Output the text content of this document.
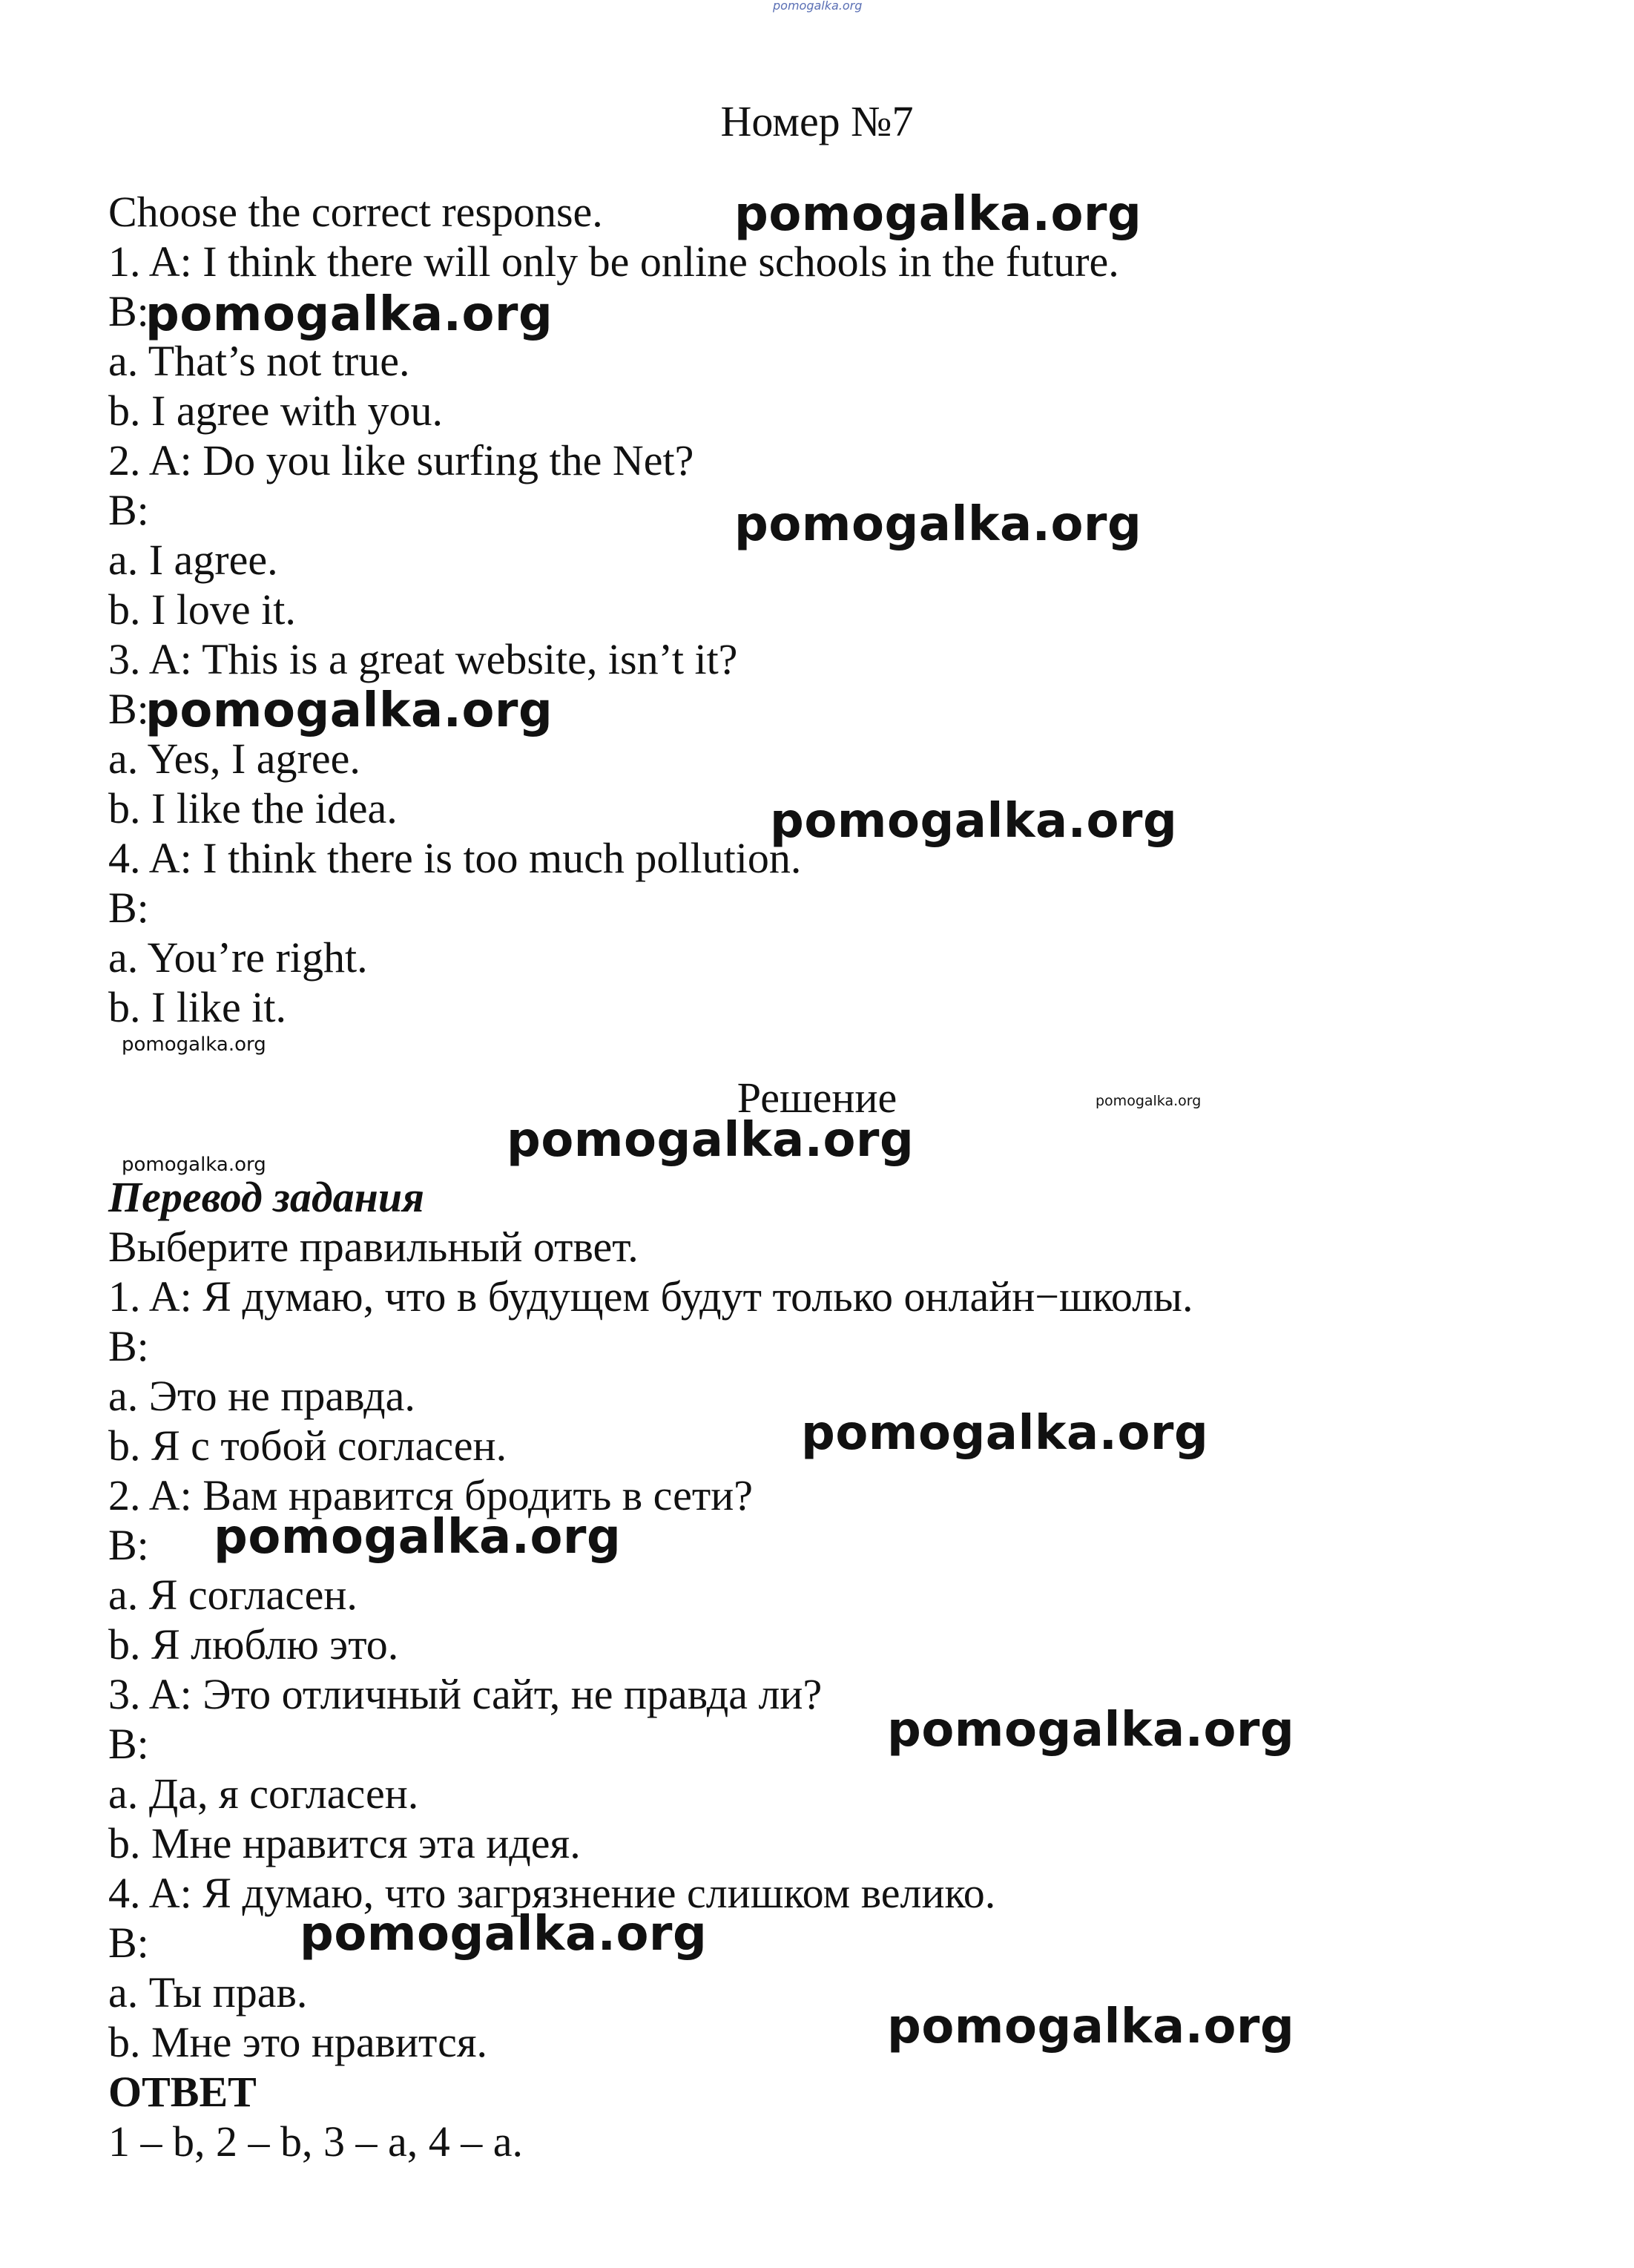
pomogalka.org
Номер №7
Choose the correct response.
1. A: I think there will only be online schools in the future.
B:
a. That’s not true.
b. I agree with you.
2. A: Do you like surfing the Net?
B:
a. I agree.
b. I love it.
3. A: This is a great website, isn’t it?
B:
a. Yes, I agree.
b. I like the idea.
4. A: I think there is too much pollution.
B:
a. You’re right.
b. I like it.
Решение
Перевод задания
Выберите правильный ответ.
1. A: Я думаю, что в будущем будут только онлайн−школы.
B:
a. Это не правда.
b. Я с тобой согласен.
2. A: Вам нравится бродить в сети?
B:
a. Я согласен.
b. Я люблю это.
3. A: Это отличный сайт, не правда ли?
B:
a. Да, я согласен.
b. Мне нравится эта идея.
4. A: Я думаю, что загрязнение слишком велико.
B:
a. Ты прав.
b. Мне это нравится.
ОТВЕТ
1 – b, 2 – b, 3 – a, 4 – a.
pomogalka.org
pomogalka.org
pomogalka.org
pomogalka.org
pomogalka.org
pomogalka.org
pomogalka.org
pomogalka.org
pomogalka.org
pomogalka.org
pomogalka.org
pomogalka.org
pomogalka.org
pomogalka.org
